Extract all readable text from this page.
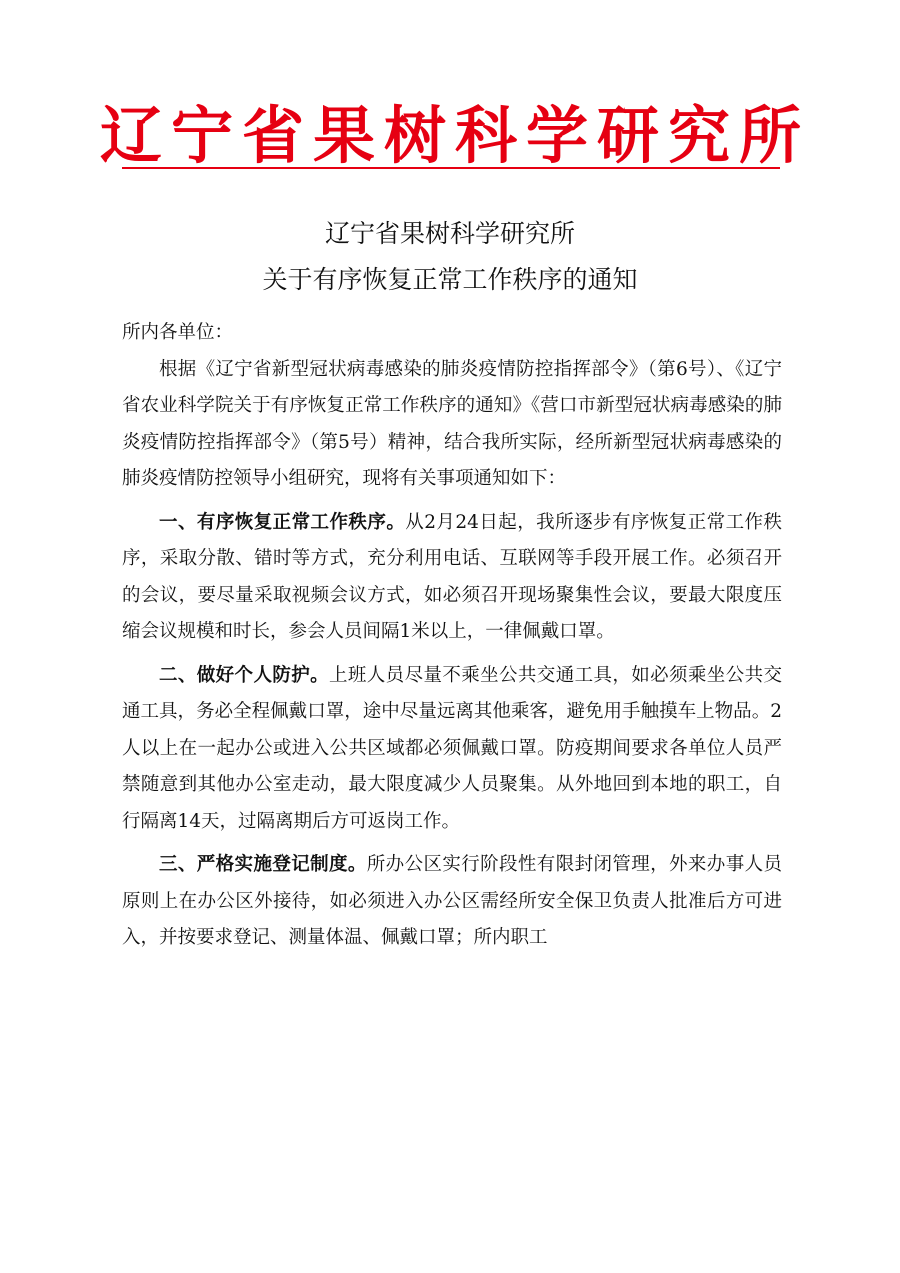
辽宁省果树科学研究所
辽宁省果树科学研究所
关于有序恢复正常工作秩序的通知

所内各单位：

根据《辽宁省新型冠状病毒感染的肺炎疫情防控指挥部令》（第6号）、《辽宁省农业科学院关于有序恢复正常工作秩序的通知》《营口市新型冠状病毒感染的肺炎疫情防控指挥部令》（第5号）精神，结合我所实际，经所新型冠状病毒感染的肺炎疫情防控领导小组研究，现将有关事项通知如下：

一、有序恢复正常工作秩序。从2月24日起，我所逐步有序恢复正常工作秩序，采取分散、错时等方式，充分利用电话、互联网等手段开展工作。必须召开的会议，要尽量采取视频会议方式，如必须召开现场聚集性会议，要最大限度压缩会议规模和时长，参会人员间隔1米以上，一律佩戴口罩。

二、做好个人防护。上班人员尽量不乘坐公共交通工具，如必须乘坐公共交通工具，务必全程佩戴口罩，途中尽量远离其他乘客，避免用手触摸车上物品。2人以上在一起办公或进入公共区域都必须佩戴口罩。防疫期间要求各单位人员严禁随意到其他办公室走动，最大限度减少人员聚集。从外地回到本地的职工，自行隔离14天，过隔离期后方可返岗工作。

三、严格实施登记制度。所办公区实行阶段性有限封闭管理，外来办事人员原则上在办公区外接待，如必须进入办公区需经所安全保卫负责人批准后方可进入，并按要求登记、测量体温、佩戴口罩；所内职工
